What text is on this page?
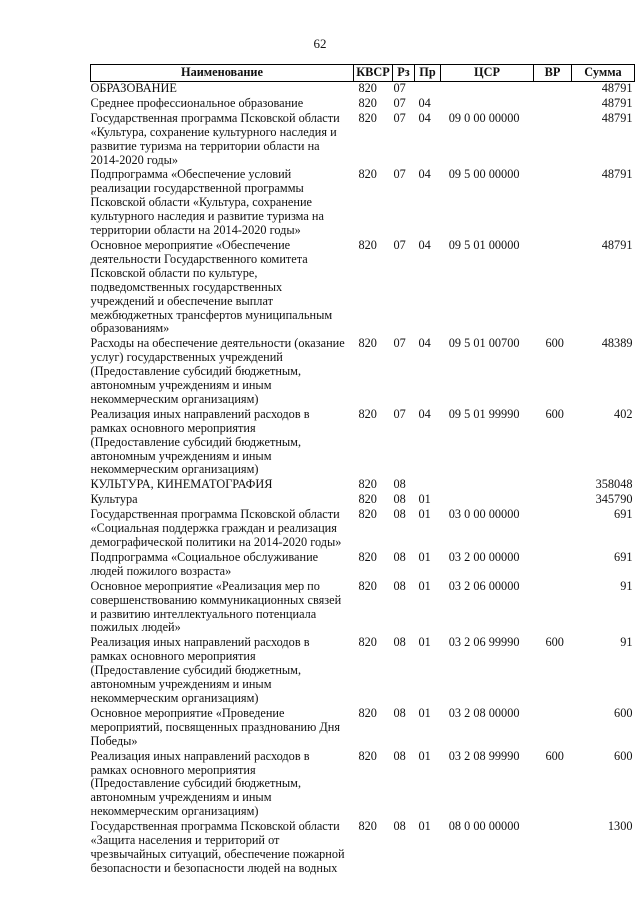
62
Наименование	КВСР	Рз	Пр	ЦСР	ВР	Сумма
ОБРАЗОВАНИЕ	820	07				48791
Среднее профессиональное образование	820	07	04			48791
Государственная программа Псковской области «Культура, сохранение культурного наследия и развитие туризма на территории области на 2014-2020 годы»	820	07	04	09 0 00 00000		48791
Подпрограмма «Обеспечение условий реализации государственной программы Псковской области «Культура, сохранение культурного наследия и развитие туризма на территории области на 2014-2020 годы»	820	07	04	09 5 00 00000		48791
Основное мероприятие «Обеспечение деятельности Государственного комитета Псковской области по культуре, подведомственных государственных учреждений и обеспечение выплат межбюджетных трансфертов муниципальным образованиям»	820	07	04	09 5 01 00000		48791
Расходы на обеспечение деятельности (оказание услуг) государственных учреждений (Предоставление субсидий бюджетным, автономным учреждениям и иным некоммерческим организациям)	820	07	04	09 5 01 00700	600	48389
Реализация иных направлений расходов в рамках основного мероприятия (Предоставление субсидий бюджетным, автономным учреждениям и иным некоммерческим организациям)	820	07	04	09 5 01 99990	600	402
КУЛЬТУРА, КИНЕМАТОГРАФИЯ	820	08				358048
Культура	820	08	01			345790
Государственная программа Псковской области «Социальная поддержка граждан и реализация демографической политики на 2014-2020 годы»	820	08	01	03 0 00 00000		691
Подпрограмма «Социальное обслуживание людей пожилого возраста»	820	08	01	03 2 00 00000		691
Основное мероприятие «Реализация мер по совершенствованию коммуникационных связей и развитию интеллектуального потенциала пожилых людей»	820	08	01	03 2 06 00000		91
Реализация иных направлений расходов в рамках основного мероприятия (Предоставление субсидий бюджетным, автономным учреждениям и иным некоммерческим организациям)	820	08	01	03 2 06 99990	600	91
Основное мероприятие «Проведение мероприятий, посвященных празднованию Дня Победы»	820	08	01	03 2 08 00000		600
Реализация иных направлений расходов в рамках основного мероприятия (Предоставление субсидий бюджетным, автономным учреждениям и иным некоммерческим организациям)	820	08	01	03 2 08 99990	600	600
Государственная программа Псковской области «Защита населения и территорий от чрезвычайных ситуаций, обеспечение пожарной безопасности и безопасности людей на водных	820	08	01	08 0 00 00000		1300
